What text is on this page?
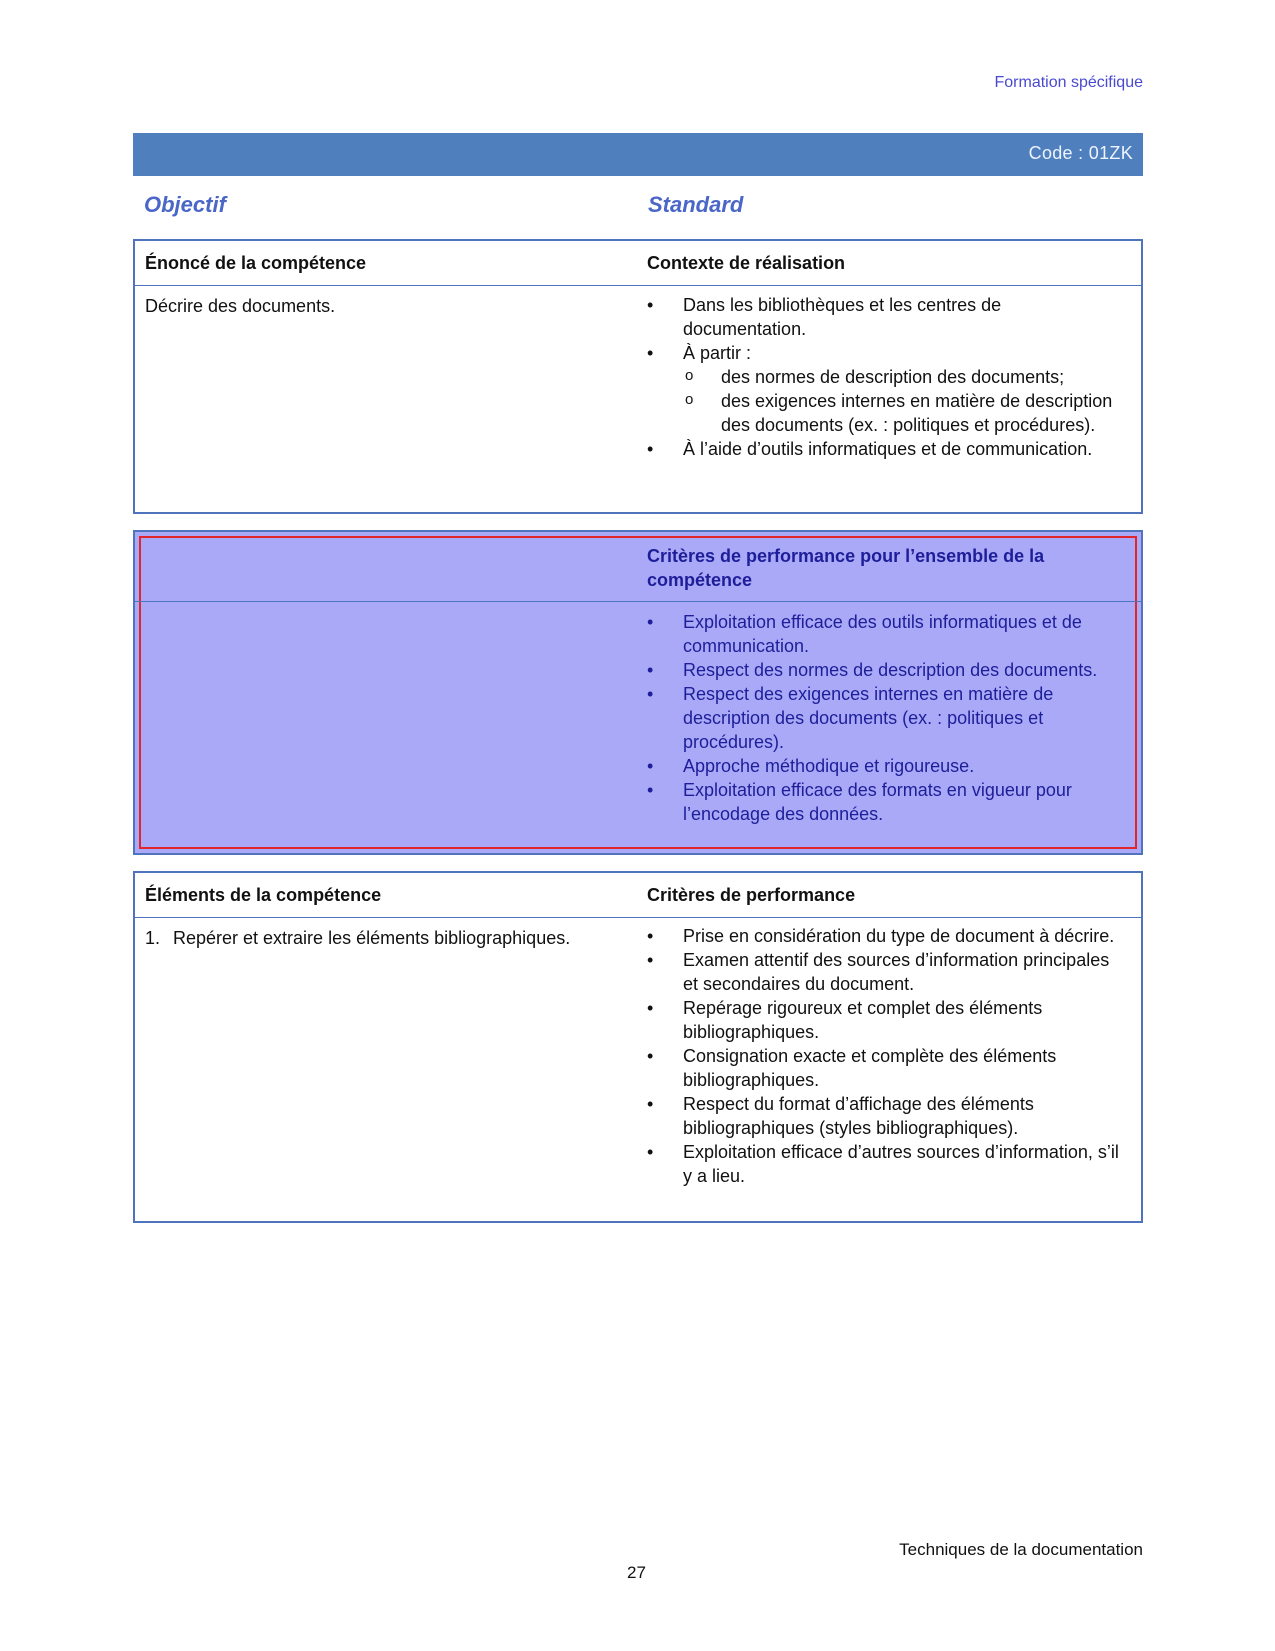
Formation spécifique
Code : 01ZK
Objectif	Standard
Énoncé de la compétence	Contexte de réalisation
Décrire des documents.	• Dans les bibliothèques et les centres de documentation.
• À partir :
o des normes de description des documents;
o des exigences internes en matière de description des documents (ex. : politiques et procédures).
• À l’aide d’outils informatiques et de communication.
Critères de performance pour l’ensemble de la compétence
• Exploitation efficace des outils informatiques et de communication.
• Respect des normes de description des documents.
• Respect des exigences internes en matière de description des documents (ex. : politiques et procédures).
• Approche méthodique et rigoureuse.
• Exploitation efficace des formats en vigueur pour l’encodage des données.
Éléments de la compétence	Critères de performance
1. Repérer et extraire les éléments bibliographiques.	• Prise en considération du type de document à décrire.
• Examen attentif des sources d’information principales et secondaires du document.
• Repérage rigoureux et complet des éléments bibliographiques.
• Consignation exacte et complète des éléments bibliographiques.
• Respect du format d’affichage des éléments bibliographiques (styles bibliographiques).
• Exploitation efficace d’autres sources d’information, s’il y a lieu.
Techniques de la documentation
27
